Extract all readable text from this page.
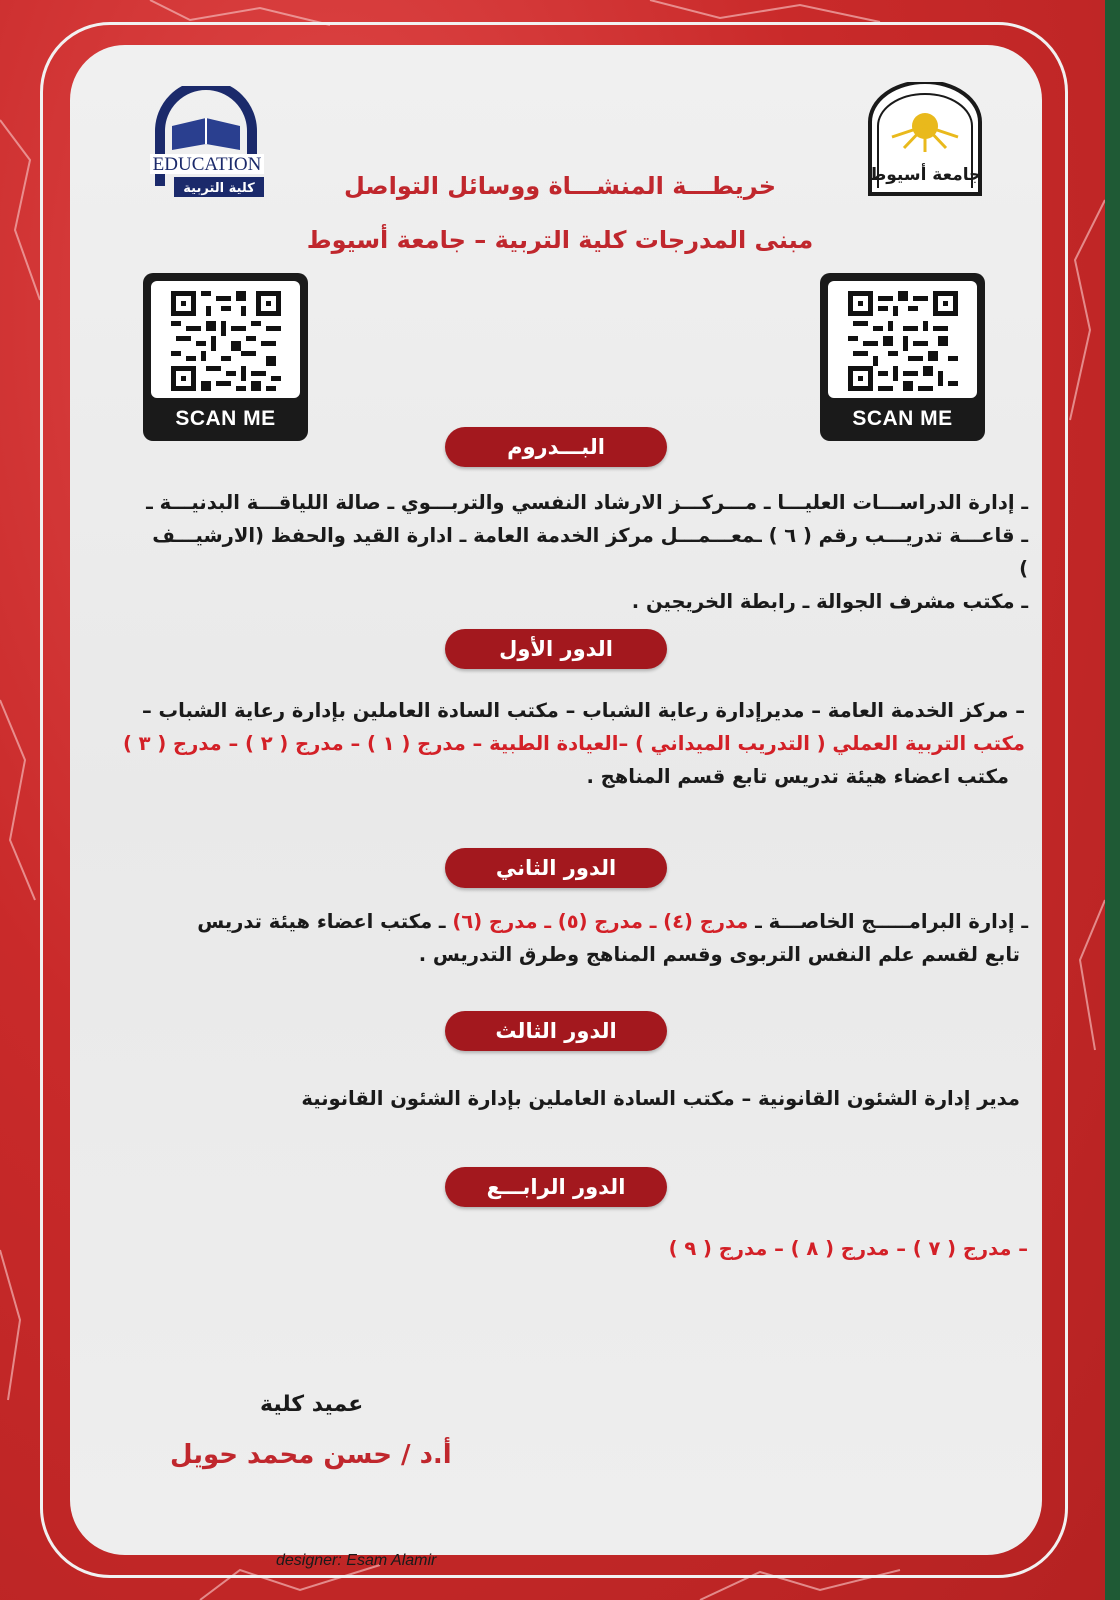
EDUCATION
كلية التربية
جامعة أسيوط
خريطـــة المنشـــاة ووسائل التواصل
مبنى المدرجات كلية التربية – جامعة أسيوط
SCAN ME	SCAN ME
البـــدروم
ـ إدارة الدراســـات العليـــا ـ مـــركـــز الارشاد النفسي والتربـــوي ـ صالة اللياقـــة البدنيـــة ـ
ـ قاعـــة تدريـــب رقم ( ٦ ) ـمعـــمـــل مركز الخدمة العامة ـ ادارة القيد والحفظ (الارشيـــف )
ـ مكتب مشرف الجوالة ـ رابطة الخريجين .
الدور الأول
– مركز الخدمة العامة – مديرإدارة رعاية الشباب – مكتب السادة العاملين بإدارة رعاية الشباب –
مكتب التربية العملي ( التدريب الميداني ) –العيادة الطبية – مدرج ( ١ ) – مدرج ( ٢ ) – مدرج ( ٣ )
مكتب اعضاء هيئة تدريس تابع قسم المناهج .
الدور الثاني
ـ إدارة البرامـــــج الخاصـــة ـ مدرج (٤) ـ مدرج (٥) ـ مدرج (٦) ـ مكتب اعضاء هيئة تدريس
تابع لقسم علم النفس التربوى وقسم المناهج وطرق التدريس .
الدور الثالث
مدير إدارة الشئون القانونية – مكتب السادة العاملين بإدارة الشئون القانونية
الدور الرابـــع
– مدرج ( ٧ ) – مدرج ( ٨ ) – مدرج ( ٩ )
عميد كلية
أ.د / حسن محمد حويل
designer: Esam Alamir
